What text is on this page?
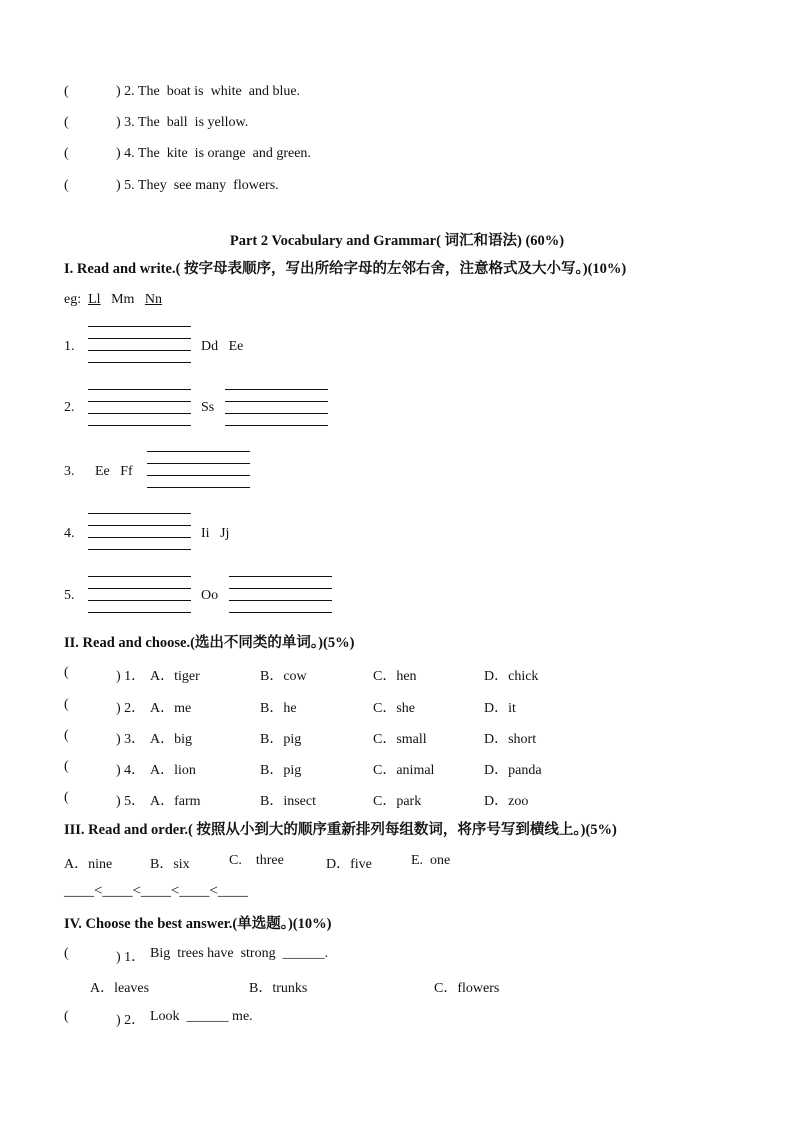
(	) 2. The  boat is  white  and blue.
(	) 3. The  ball  is yellow.
(	) 4. The  kite  is orange  and green.
(	) 5. They  see many  flowers.
Part 2 Vocabulary and Grammar( 词汇和语法) (60%)
I. Read and write.( 按字母表顺序，写出所给字母的左邻右舍，注意格式及大小写。)(10%)
eg: Ll Mm Nn
1.	Dd   Ee
2.	Ss
3. Ee   Ff
4.	Ii   Jj
5.	Oo
II. Read and choose.(选出不同类的单词。)(5%)
(	) 1． A．tiger	B．cow	C．hen	D．chick
(	) 2． A．me	B．he	C．she	D．it
(	) 3． A．big	B．pig	C．small	D．short
(	) 4． A．lion	B．pig	C．animal	D．panda
(	) 5． A．farm	B．insect	C．park	D．zoo
III. Read and order.( 按照从小到大的顺序重新排列每组数词，将序号写到横线上。)(5%)
A．nine	B．six	C.    three	D．five	E.  one
____<____<____<____<____
IV. Choose the best answer.(单选题。)(10%)
(	) 1． Big  trees have  strong  ______.
A．leaves	B．trunks	C．flowers
(	) 2． Look  ______ me.
